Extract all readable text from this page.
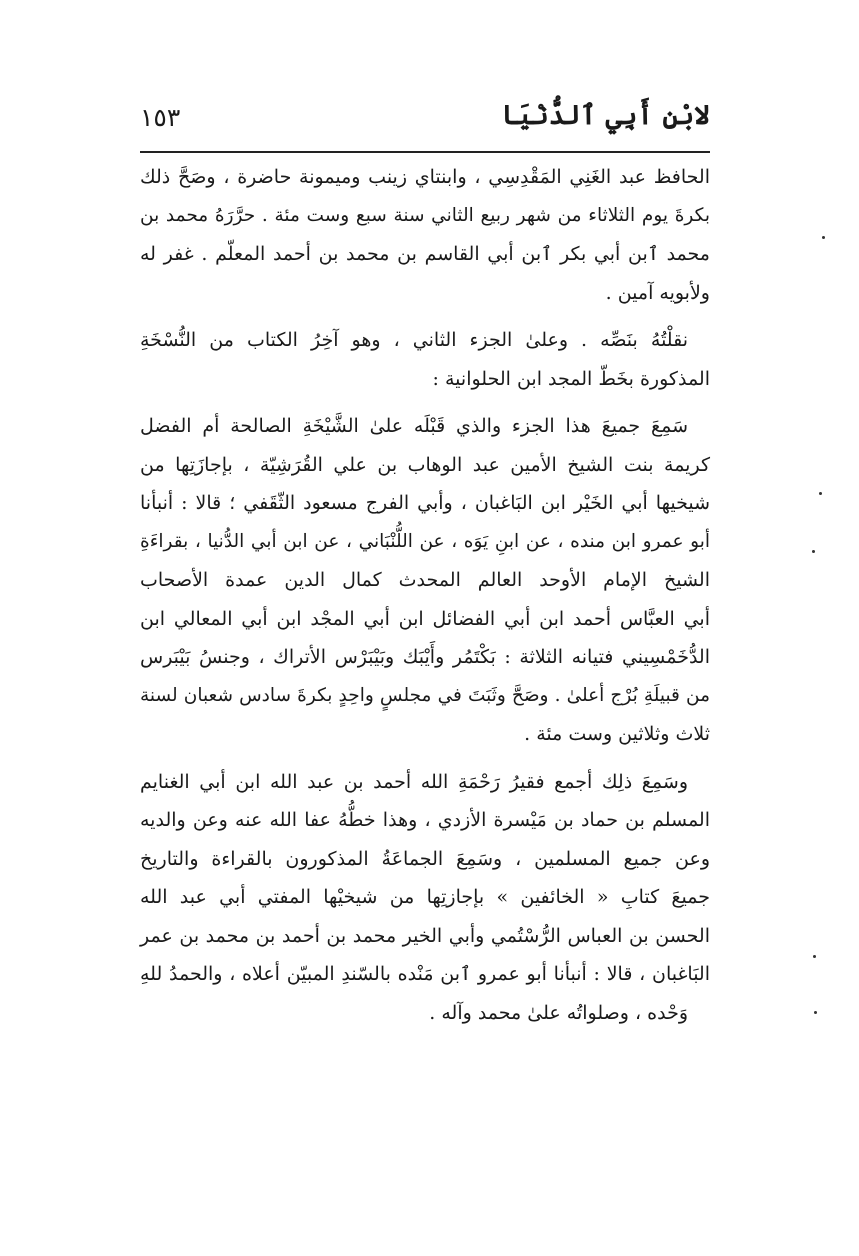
لابْنِ أَبِي ٱلدُّنْيَا
١٥٣
الحافظ عبد الغَنِي المَقْدِسِي ، وابنتاي زينب وميمونة حاضرة ، وصَحَّ ذلك
بكرةَ يوم الثلاثاء من شهر ربيع الثاني سنة سبع وست مئة . حرَّرَهُ محمد بن
محمد ٱبن أبي بكر ٱبن أبي القاسم بن محمد بن أحمد المعلّم . غفر له
ولأبويه آمين .
نقلْتُهُ بنَصِّه . وعلىٰ الجزء الثاني ، وهو آخِرُ الكتاب من النُّسْخَةِ
المذكورة بخَطّ المجد ابن الحلوانية :
سَمِعَ جميعَ هذا الجزء والذي قَبْلَه علىٰ الشَّيْخَةِ الصالحة أم الفضل
كريمة بنت الشيخ الأمين عبد الوهاب بن علي القُرَشِيّة ، بإجازَتِها من
شيخيها أبي الخَيْر ابن البَاغبان ، وأبي الفرج مسعود الثّقَفي ؛ قالا : أنبأنا
أبو عمرو ابن منده ، عن ابنِ يَوَه ، عن اللُّنْبَاني ، عن ابن أبي الدُّنيا ، بقراءَةِ
الشيخ الإمام الأوحد العالم المحدث كمال الدين عمدة الأصحاب
أبي العبَّاس أحمد ابن أبي الفضائل ابن أبي المجْد ابن أبي المعالي ابن
الدُّخَمْسِيني فتيانه الثلاثة : بَكْتَمُر وأَيْبَك وبَيْبَرْس الأتراك ، وجنسُ بَيْبَرس
من قبيلَةِ بُرْج أعلىٰ . وصَحَّ وثَبَتَ في مجلسٍ واحِدٍ بكرةَ سادس شعبان لسنة
ثلاث وثلاثين وست مئة .
وسَمِعَ ذلِك أجمع فقيرُ رَحْمَةِ الله أحمد بن عبد الله ابن أبي الغنايم
المسلم بن حماد بن مَيْسرة الأزدي ، وهذا خطُّهُ عفا الله عنه وعن والديه
وعن جميع المسلمين ، وسَمِعَ الجماعَةُ المذكورون بالقراءة والتاريخ
جميعَ كتابِ « الخائفين » بإجازتِها من شيخيْها المفتي أبي عبد الله
الحسن بن العباس الرُّسْتُمي وأبي الخير محمد بن أحمد بن محمد بن عمر
البَاغبان ، قالا : أنبأنا أبو عمرو ٱبن مَنْده بالسّندِ المبيّن أعلاه ، والحمدُ للهِ
وَحْده ، وصلواتُه علىٰ محمد وآله .
